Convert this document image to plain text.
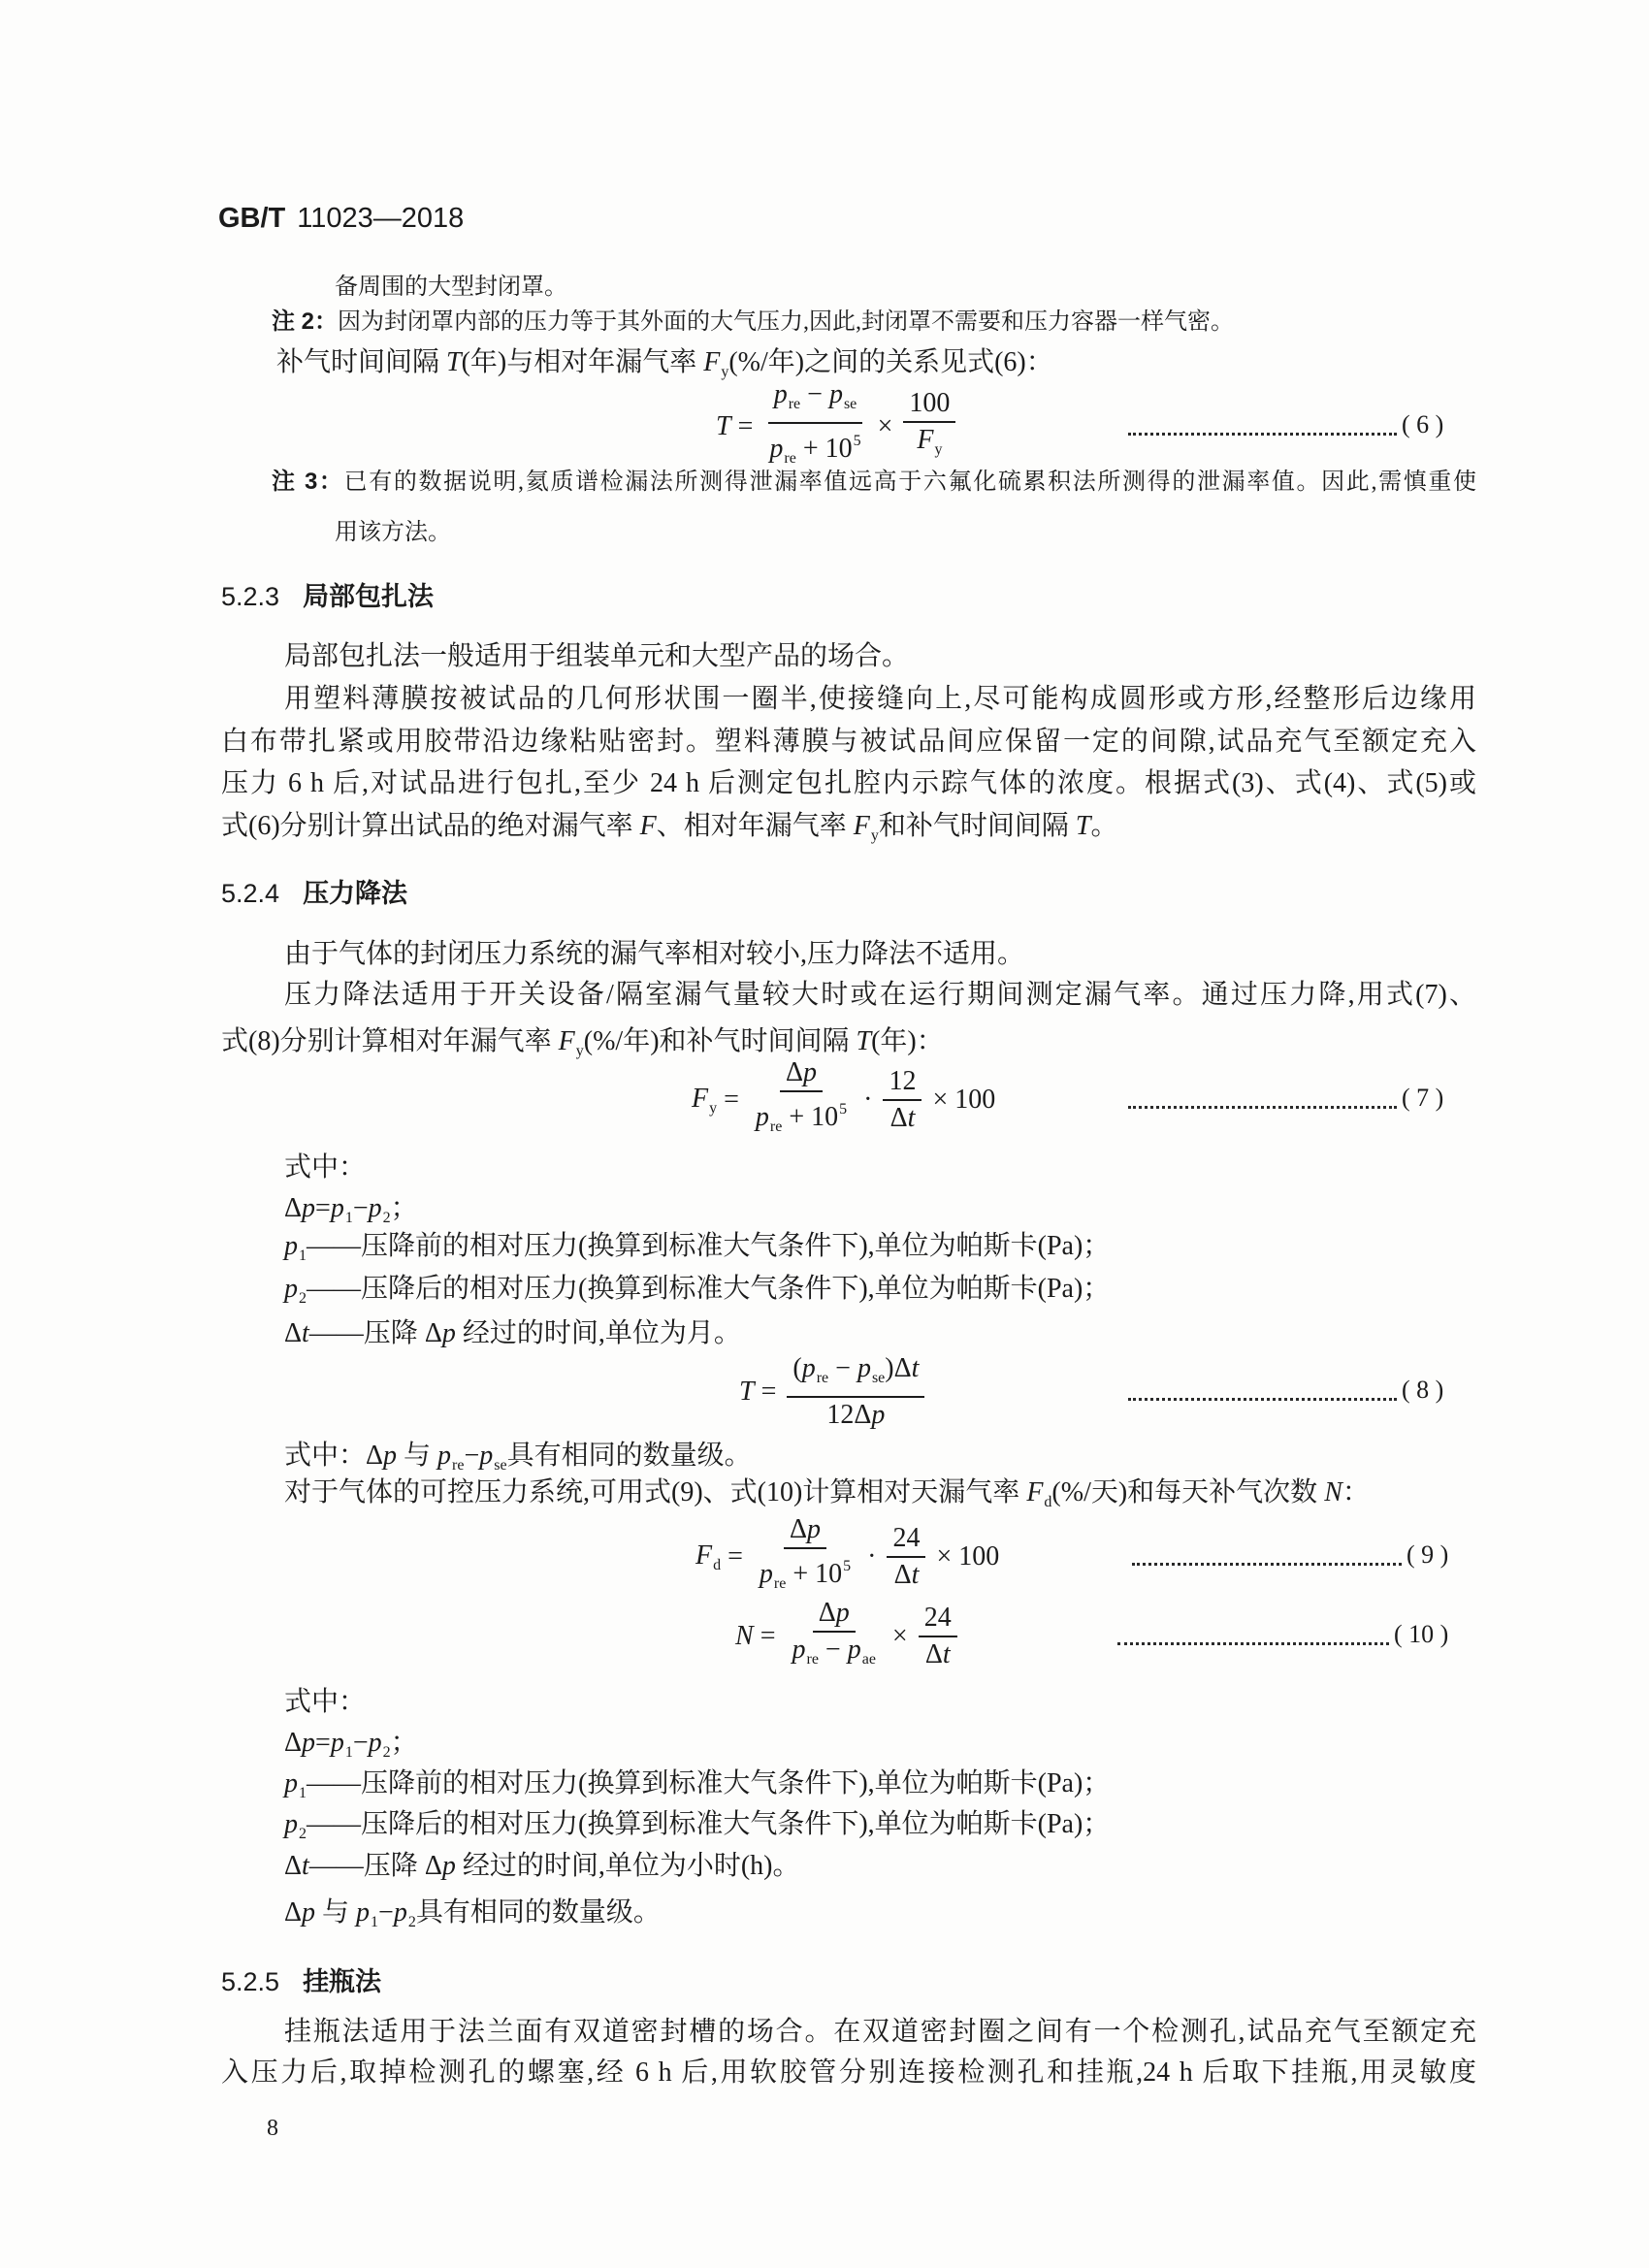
GB/T 11023—2018
备周围的大型封闭罩。
注 2：因为封闭罩内部的压力等于其外面的大气压力,因此,封闭罩不需要和压力容器一样气密。
补气时间间隔 T(年)与相对年漏气率 $F_y(\%/$年)之间的关系见式(6)：
$T = \frac{p_{re} - p_{se}}{p_{re} + 10^5} \times \frac{100}{F_y}$	( 6 )
注 3：已有的数据说明,氦质谱检漏法所测得泄漏率值远高于六氟化硫累积法所测得的泄漏率值。因此,需慎重使
用该方法。
5.2.3 局部包扎法
局部包扎法一般适用于组装单元和大型产品的场合。
用塑料薄膜按被试品的几何形状围一圈半,使接缝向上,尽可能构成圆形或方形,经整形后边缘用
白布带扎紧或用胶带沿边缘粘贴密封。塑料薄膜与被试品间应保留一定的间隙,试品充气至额定充入
压力 6 h 后,对试品进行包扎,至少 24 h 后测定包扎腔内示踪气体的浓度。根据式(3)、式(4)、式(5)或
式(6)分别计算出试品的绝对漏气率 F、相对年漏气率 $F_y$和补气时间间隔 T。
5.2.4 压力降法
由于气体的封闭压力系统的漏气率相对较小,压力降法不适用。
压力降法适用于开关设备/隔室漏气量较大时或在运行期间测定漏气率。通过压力降,用式(7)、
式(8)分别计算相对年漏气率 $F_y(\%/$年)和补气时间间隔 T(年)：
$F_y = \frac{\Delta p}{p_{re} + 10^5} \cdot \frac{12}{\Delta t} \times 100$	( 7 )
式中：
$\Delta p=p_1-p_2$；
$p_1——$压降前的相对压力(换算到标准大气条件下),单位为帕斯卡(Pa)；
$p_2——$压降后的相对压力(换算到标准大气条件下),单位为帕斯卡(Pa)；
Δt——压降 Δp 经过的时间,单位为月。
$T = \frac{(p_{re} - p_{se})\Delta t}{12\Delta p}$	( 8 )
式中：Δp 与 $p_{re}-p_{se}$具有相同的数量级。
对于气体的可控压力系统,可用式(9)、式(10)计算相对天漏气率 $F_d(\%/$天)和每天补气次数 N：
$F_d = \frac{\Delta p}{p_{re} + 10^5} \cdot \frac{24}{\Delta t} \times 100$	( 9 )
$N = \frac{\Delta p}{p_{re} - p_{ae}} \times \frac{24}{\Delta t}$	( 10 )
式中：
$\Delta p=p_1-p_2$；
$p_1——$压降前的相对压力(换算到标准大气条件下),单位为帕斯卡(Pa)；
$p_2——$压降后的相对压力(换算到标准大气条件下),单位为帕斯卡(Pa)；
Δt——压降 Δp 经过的时间,单位为小时(h)。
Δp 与 $p_1-p_2$具有相同的数量级。
5.2.5 挂瓶法
挂瓶法适用于法兰面有双道密封槽的场合。在双道密封圈之间有一个检测孔,试品充气至额定充
入压力后,取掉检测孔的螺塞,经 6 h 后,用软胶管分别连接检测孔和挂瓶,24 h 后取下挂瓶,用灵敏度
8
